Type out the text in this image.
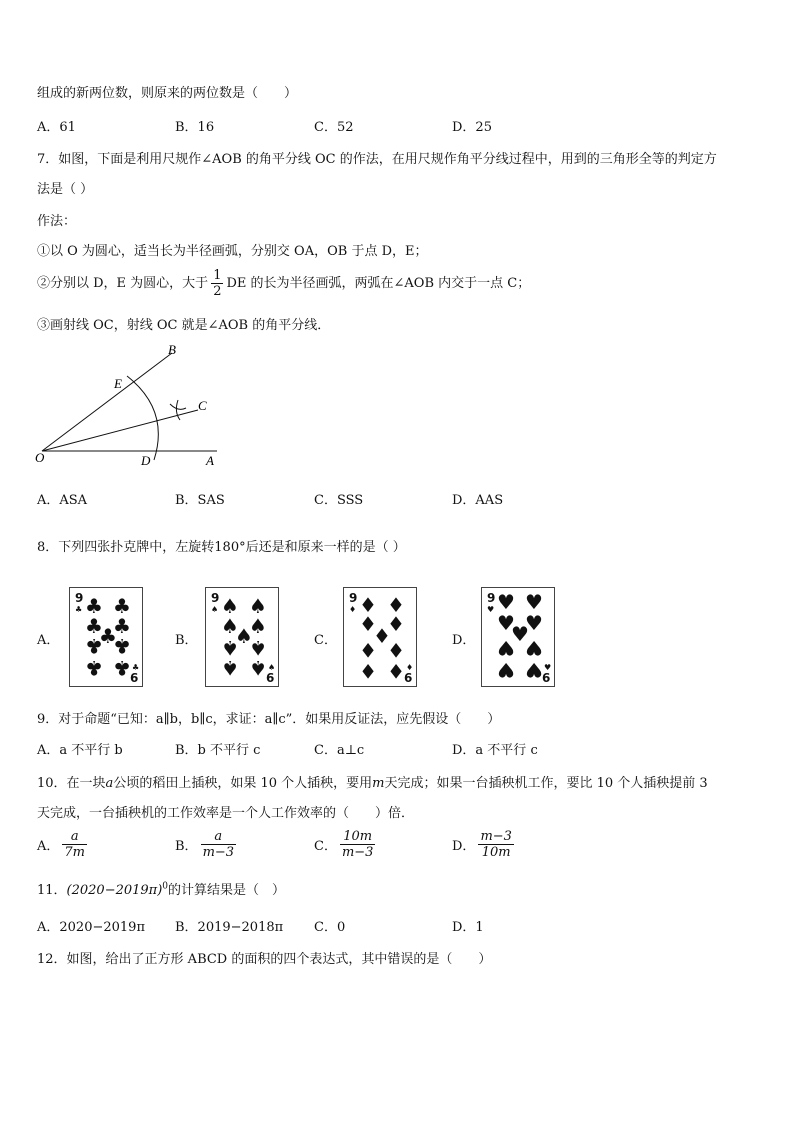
组成的新两位数，则原来的两位数是（　　）
A．61	B．16	C．52	D．25
7．如图，下面是利用尺规作∠AOB 的角平分线 OC 的作法，在用尺规作角平分线过程中，用到的三角形全等的判定方
法是（ ）
作法：
①以 O 为圆心，适当长为半径画弧，分别交 OA，OB 于点 D，E；
②分别以 D，E 为圆心，大于 $\frac{1}{2}$ DE 的长为半径画弧，两弧在∠AOB 内交于一点 C；
③画射线 OC，射线 OC 就是∠AOB 的角平分线．
B
E
C
O	D	A
A．ASA	B．SAS	C．SSS	D．AAS
8．下列四张扑克牌中，左旋转180°后还是和原来一样的是（ ）
A．
♣ ♣
♣ ♣
♣
♣ ♣
♣ ♣
9
♣
♣
6
B．
♠ ♠
♠ ♠
♠
♠ ♠
♠ ♠
9
♠
♠
6
C．
♦ ♦
♦ ♦
♦
♦ ♦
♦ ♦
9
♦
♦
6
D．
♥ ♥
♥ ♥
♥
♥ ♥
♥ ♥
9
♥
♥
6
9．对于命题“已知：a∥b，b∥c，求证：a∥c”．如果用反证法，应先假设（　　）
A．a 不平行 b	B．b 不平行 c	C．a⊥c	D．a 不平行 c
10．在一块a公顷的稻田上插秧，如果 10 个人插秧，要用m天完成；如果一台插秧机工作，要比 10 个人插秧提前 3
天完成，一台插秧机的工作效率是一个人工作效率的（　　）倍．
A． $\frac{a}{7m}$	B． $\frac{a}{m-3}$	C． $\frac{10m}{m-3}$	D． $\frac{m-3}{10m}$
11．$(2020-2019\pi)^0$的计算结果是（　）
A．2020−2019π B．2019−2018π C．0	D．1
12．如图，给出了正方形 ABCD 的面积的四个表达式，其中错误的是（　　）
